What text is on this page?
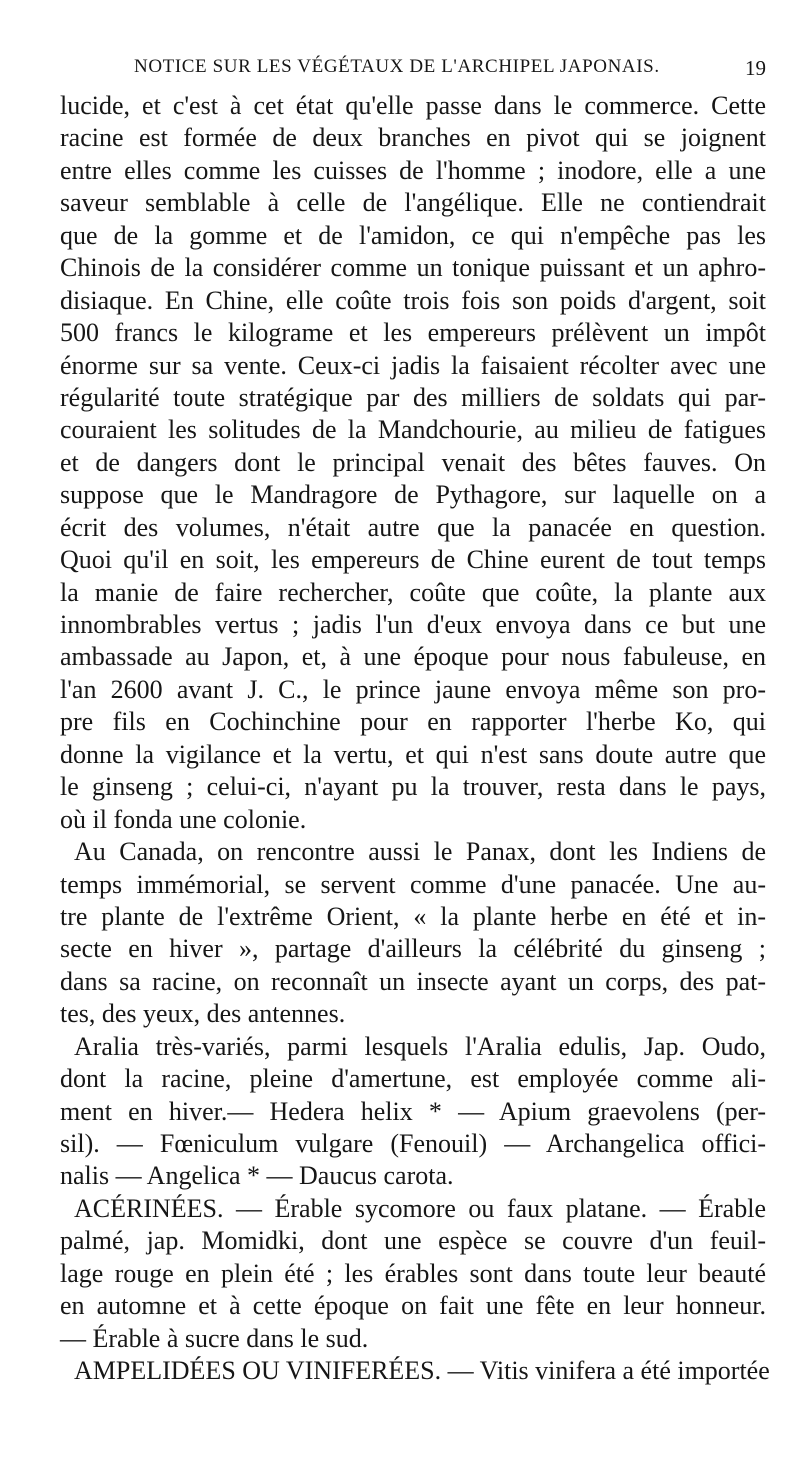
NOTICE SUR LES VÉGÉTAUX DE L'ARCHIPEL JAPONAIS.	19
lucide, et c'est à cet état qu'elle passe dans le commerce. Cette
racine est formée de deux branches en pivot qui se joignent
entre elles comme les cuisses de l'homme ; inodore, elle a une
saveur semblable à celle de l'angélique. Elle ne contiendrait
que de la gomme et de l'amidon, ce qui n'empêche pas les
Chinois de la considérer comme un tonique puissant et un aphro-
disiaque. En Chine, elle coûte trois fois son poids d'argent, soit
500 francs le kilograme et les empereurs prélèvent un impôt
énorme sur sa vente. Ceux-ci jadis la faisaient récolter avec une
régularité toute stratégique par des milliers de soldats qui par-
couraient les solitudes de la Mandchourie, au milieu de fatigues
et de dangers dont le principal venait des bêtes fauves. On
suppose que le Mandragore de Pythagore, sur laquelle on a
écrit des volumes, n'était autre que la panacée en question.
Quoi qu'il en soit, les empereurs de Chine eurent de tout temps
la manie de faire rechercher, coûte que coûte, la plante aux
innombrables vertus ; jadis l'un d'eux envoya dans ce but une
ambassade au Japon, et, à une époque pour nous fabuleuse, en
l'an 2600 avant J. C., le prince jaune envoya même son pro-
pre fils en Cochinchine pour en rapporter l'herbe Ko, qui
donne la vigilance et la vertu, et qui n'est sans doute autre que
le ginseng ; celui-ci, n'ayant pu la trouver, resta dans le pays,
où il fonda une colonie.
Au Canada, on rencontre aussi le Panax, dont les Indiens de
temps immémorial, se servent comme d'une panacée. Une au-
tre plante de l'extrême Orient, « la plante herbe en été et in-
secte en hiver », partage d'ailleurs la célébrité du ginseng ;
dans sa racine, on reconnaît un insecte ayant un corps, des pat-
tes, des yeux, des antennes.
Aralia très-variés, parmi lesquels l'Aralia edulis, Jap. Oudo,
dont la racine, pleine d'amertune, est employée comme ali-
ment en hiver.— Hedera helix * — Apium graevolens (per-
sil). — Fœniculum vulgare (Fenouil) — Archangelica offici-
nalis — Angelica * — Daucus carota.
ACÉRINÉES. — Érable sycomore ou faux platane. — Érable
palmé, jap. Momidki, dont une espèce se couvre d'un feuil-
lage rouge en plein été ; les érables sont dans toute leur beauté
en automne et à cette époque on fait une fête en leur honneur.
— Érable à sucre dans le sud.
AMPELIDÉES OU VINIFERÉES. — Vitis vinifera a été importée
